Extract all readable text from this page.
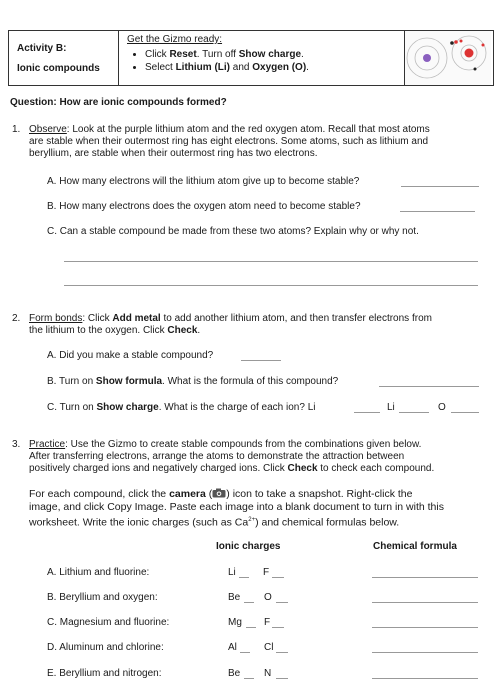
Activity B:
Ionic compounds
Get the Gizmo ready:
• Click Reset. Turn off Show charge.
• Select Lithium (Li) and Oxygen (O).
Question: How are ionic compounds formed?
1. Observe: Look at the purple lithium atom and the red oxygen atom. Recall that most atoms
are stable when their outermost ring has eight electrons. Some atoms, such as lithium and
beryllium, are stable when their outermost ring has two electrons.
A. How many electrons will the lithium atom give up to become stable?
B. How many electrons does the oxygen atom need to become stable?
C. Can a stable compound be made from these two atoms? Explain why or why not.
2. Form bonds: Click Add metal to add another lithium atom, and then transfer electrons from
the lithium to the oxygen. Click Check.
A. Did you make a stable compound?
B. Turn on Show formula. What is the formula of this compound?
C. Turn on Show charge. What is the charge of each ion? Li	Li	O
3. Practice: Use the Gizmo to create stable compounds from the combinations given below.
After transferring electrons, arrange the atoms to demonstrate the attraction between
positively charged ions and negatively charged ions. Click Check to check each compound.
For each compound, click the camera ( ) icon to take a snapshot. Right-click the
image, and click Copy Image. Paste each image into a blank document to turn in with this
worksheet. Write the ionic charges (such as $Ca^{2+}$) and chemical formulas below.
Ionic charges	Chemical formula
A. Lithium and fluorine:	Li	F
B. Beryllium and oxygen:	Be O
C. Magnesium and fluorine:	Mg F
D. Aluminum and chlorine:	Al	Cl
E. Beryllium and nitrogen:	Be N
